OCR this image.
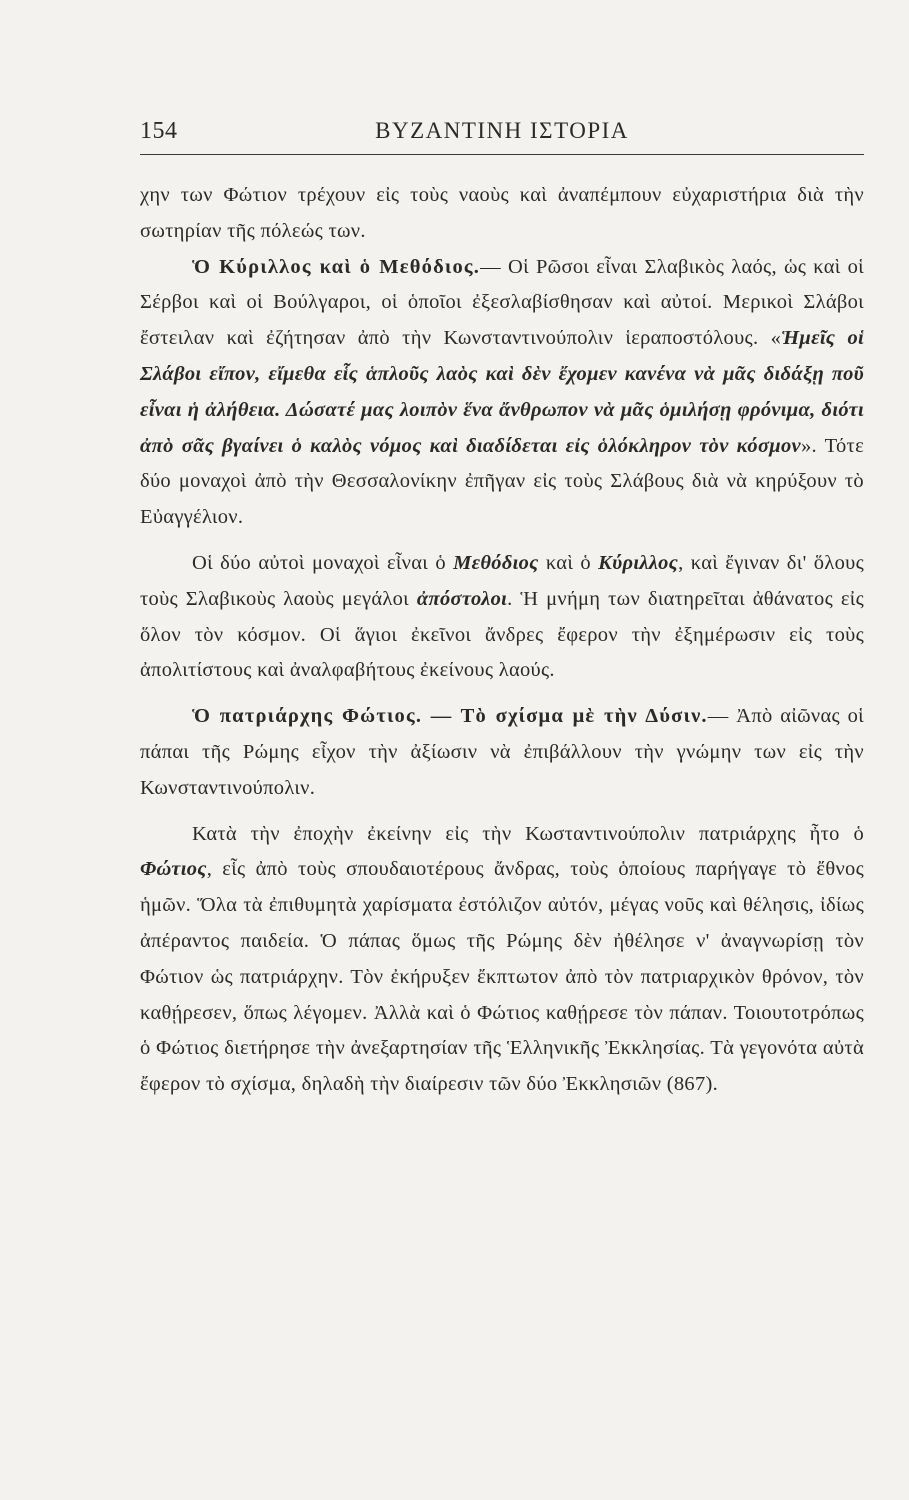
154	ΒΥΖΑΝΤΙΝΗ ΙΣΤΟΡΙΑ

χην των Φώτιον τρέχουν εἰς τοὺς ναοὺς καὶ ἀναπέμπουν εὐχαριστήρια διὰ τὴν σωτηρίαν τῆς πόλεώς των.

Ὁ Κύριλλος καὶ ὁ Μεθόδιος.— Οἱ Ρῶσοι εἶναι Σλαβικὸς λαός, ὡς καὶ οἱ Σέρβοι καὶ οἱ Βούλγαροι, οἱ ὁποῖοι ἐξεσλαβίσθησαν καὶ αὐτοί. Μερικοὶ Σλάβοι ἔστειλαν καὶ ἐζήτησαν ἀπὸ τὴν Κωνσταντινούπολιν ἱεραποστόλους. «Ἡμεῖς οἱ Σλάβοι εἴπον, εἴμεθα εἷς ἁπλοῦς λαὸς καὶ δὲν ἔχομεν κανένα νὰ μᾶς διδάξῃ ποῦ εἶναι ἡ ἀλήθεια. Δώσατέ μας λοιπὸν ἕνα ἄνθρωπον νὰ μᾶς ὁμιλήσῃ φρόνιμα, διότι ἀπὸ σᾶς βγαίνει ὁ καλὸς νόμος καὶ διαδίδεται εἰς ὁλόκληρον τὸν κόσμον». Τότε δύο μοναχοὶ ἀπὸ τὴν Θεσσαλονίκην ἐπῆγαν εἰς τοὺς Σλάβους διὰ νὰ κηρύξουν τὸ Εὐαγγέλιον.

Οἱ δύο αὐτοὶ μοναχοὶ εἶναι ὁ Μεθόδιος καὶ ὁ Κύριλλος, καὶ ἔγιναν δι' ὅλους τοὺς Σλαβικοὺς λαοὺς μεγάλοι ἀπόστολοι. Ἡ μνήμη των διατηρεῖται ἀθάνατος εἰς ὅλον τὸν κόσμον. Οἱ ἅγιοι ἐκεῖνοι ἄνδρες ἔφερον τὴν ἐξημέρωσιν εἰς τοὺς ἀπολιτίστους καὶ ἀναλφαβήτους ἐκείνους λαούς.

Ὁ πατριάρχης Φώτιος. — Τὸ σχίσμα μὲ τὴν Δύσιν.— Ἀπὸ αἰῶνας οἱ πάπαι τῆς Ρώμης εἶχον τὴν ἀξίωσιν νὰ ἐπιβάλλουν τὴν γνώμην των εἰς τὴν Κωνσταντινούπολιν.

Κατὰ τὴν ἐποχὴν ἐκείνην εἰς τὴν Κωσταντινούπολιν πατριάρχης ἦτο ὁ Φώτιος, εἷς ἀπὸ τοὺς σπουδαιοτέρους ἄνδρας, τοὺς ὁποίους παρήγαγε τὸ ἔθνος ἡμῶν. Ὅλα τὰ ἐπιθυμητὰ χαρίσματα ἐστόλιζον αὐτόν, μέγας νοῦς καὶ θέλησις, ἰδίως ἀπέραντος παιδεία. Ὁ πάπας ὅμως τῆς Ρώμης δὲν ἠθέλησε ν' ἀναγνωρίσῃ τὸν Φώτιον ὡς πατριάρχην. Τὸν ἐκήρυξεν ἔκπτωτον ἀπὸ τὸν πατριαρχικὸν θρόνον, τὸν καθῄρεσεν, ὅπως λέγομεν. Ἀλλὰ καὶ ὁ Φώτιος καθῄρεσε τὸν πάπαν. Τοιουτοτρόπως ὁ Φώτιος διετήρησε τὴν ἀνεξαρτησίαν τῆς Ἑλληνικῆς Ἐκκλησίας. Τὰ γεγονότα αὐτὰ ἔφερον τὸ σχίσμα, δηλαδὴ τὴν διαίρεσιν τῶν δύο Ἐκκλησιῶν (867).
